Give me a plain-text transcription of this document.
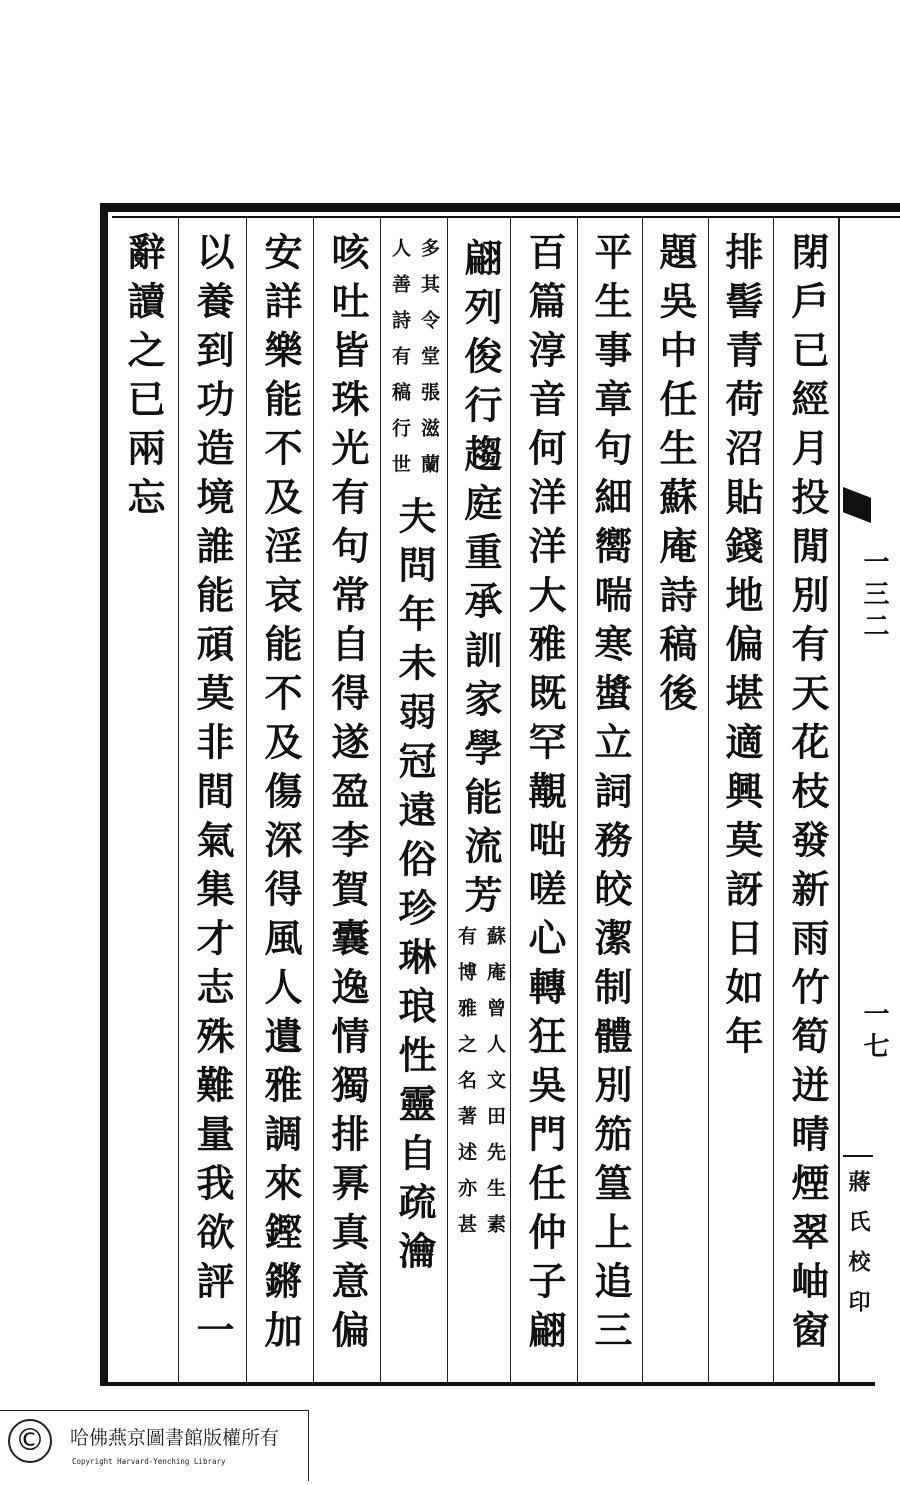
閉戶已經月投閒別有天花枝發新雨竹筍迸晴煙翠岫窗
排髻青荷沼貼錢地偏堪適興莫訝日如年
題吳中任生蘇庵詩稿後
平生事章句細嚮喘寒螿立詞務皎潔制體別笳篁上追三
百篇淳音何洋洋大雅既罕覯咄嗟心轉狂吳門任仲子翩
翩列俊行趨庭重承訓家學能流芳
蘇庵曾人文田先生素
有博雅之名著述亦甚
多其令堂張滋蘭
人善詩有稿行世
夫問年未弱冠遠俗珍琳琅性靈自疏瀹
咳吐皆珠光有句常自得遂盈李賀囊逸情獨排奡真意偏
安詳樂能不及淫哀能不及傷深得風人遺雅調來鏗鏘加
以養到功造境誰能頑莫非間氣集才志殊難量我欲評一
辭讀之已兩忘
一三二
一七
蔣氏校印
©	哈佛燕京圖書館版權所有
Copyright Harvard-Yenching Library
